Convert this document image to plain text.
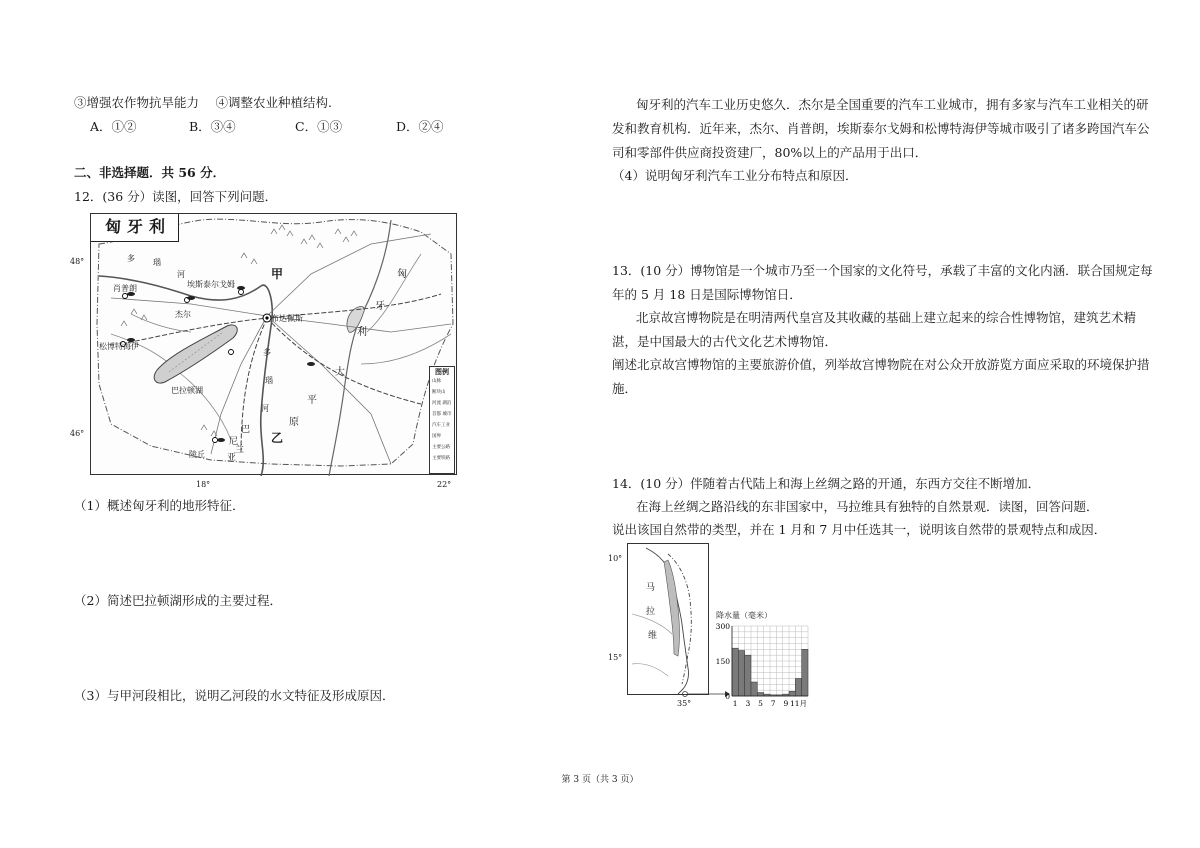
③增强农作物抗旱能力　 ④调整农业种植结构.
A．①②	B．③④	C．①③	D．②④
二、非选择题．共 56 分．
12．(36 分）读图，回答下列问题．
匈牙利
多 瑙
河	甲	匈
牙
利
大
平
原
乙
巴
尼
兰
亚
肖普朗	埃斯泰尔戈姆
杰尔	布达佩斯
松博特海伊
巴拉顿湖
陵丘
多
瑙
河
图例
山脉
断块山
河流 湖泊
首都 城市
汽车工业
国界
主要公路
主要铁路
48°
46°
18°	22°
（1）概述匈牙利的地形特征．
（2）简述巴拉顿湖形成的主要过程．
（3）与甲河段相比，说明乙河段的水文特征及形成原因．
匈牙利的汽车工业历史悠久．杰尔是全国重要的汽车工业城市，拥有多家与汽车工业相关的研
发和教育机构．近年来，杰尔、肖普朗，埃斯泰尔戈姆和松博特海伊等城市吸引了诸多跨国汽车公
司和零部件供应商投资建厂，80%以上的产品用于出口．
（4）说明匈牙利汽车工业分布特点和原因．
13．(10 分）博物馆是一个城市乃至一个国家的文化符号，承载了丰富的文化内涵．联合国规定每
年的 5 月 18 日是国际博物馆日．
北京故宫博物院是在明清两代皇宫及其收藏的基础上建立起来的综合性博物馆，建筑艺术精
湛，是中国最大的古代文化艺术博物馆．
阐述北京故宫博物馆的主要旅游价值，列举故宫博物院在对公众开放游览方面应采取的环境保护措
施．
14．(10 分）伴随着古代陆上和海上丝绸之路的开通，东西方交往不断增加．
在海上丝绸之路沿线的东非国家中，马拉维具有独特的自然景观．读图，回答问题．
说出该国自然带的类型，并在 1 月和 7 月中任选其一，说明该自然带的景观特点和成因．
马
拉
维
10°
15°
35°
降水量（毫米）
0
150
300
1 3 5 7 9 11月
第 3 页（共 3 页）
